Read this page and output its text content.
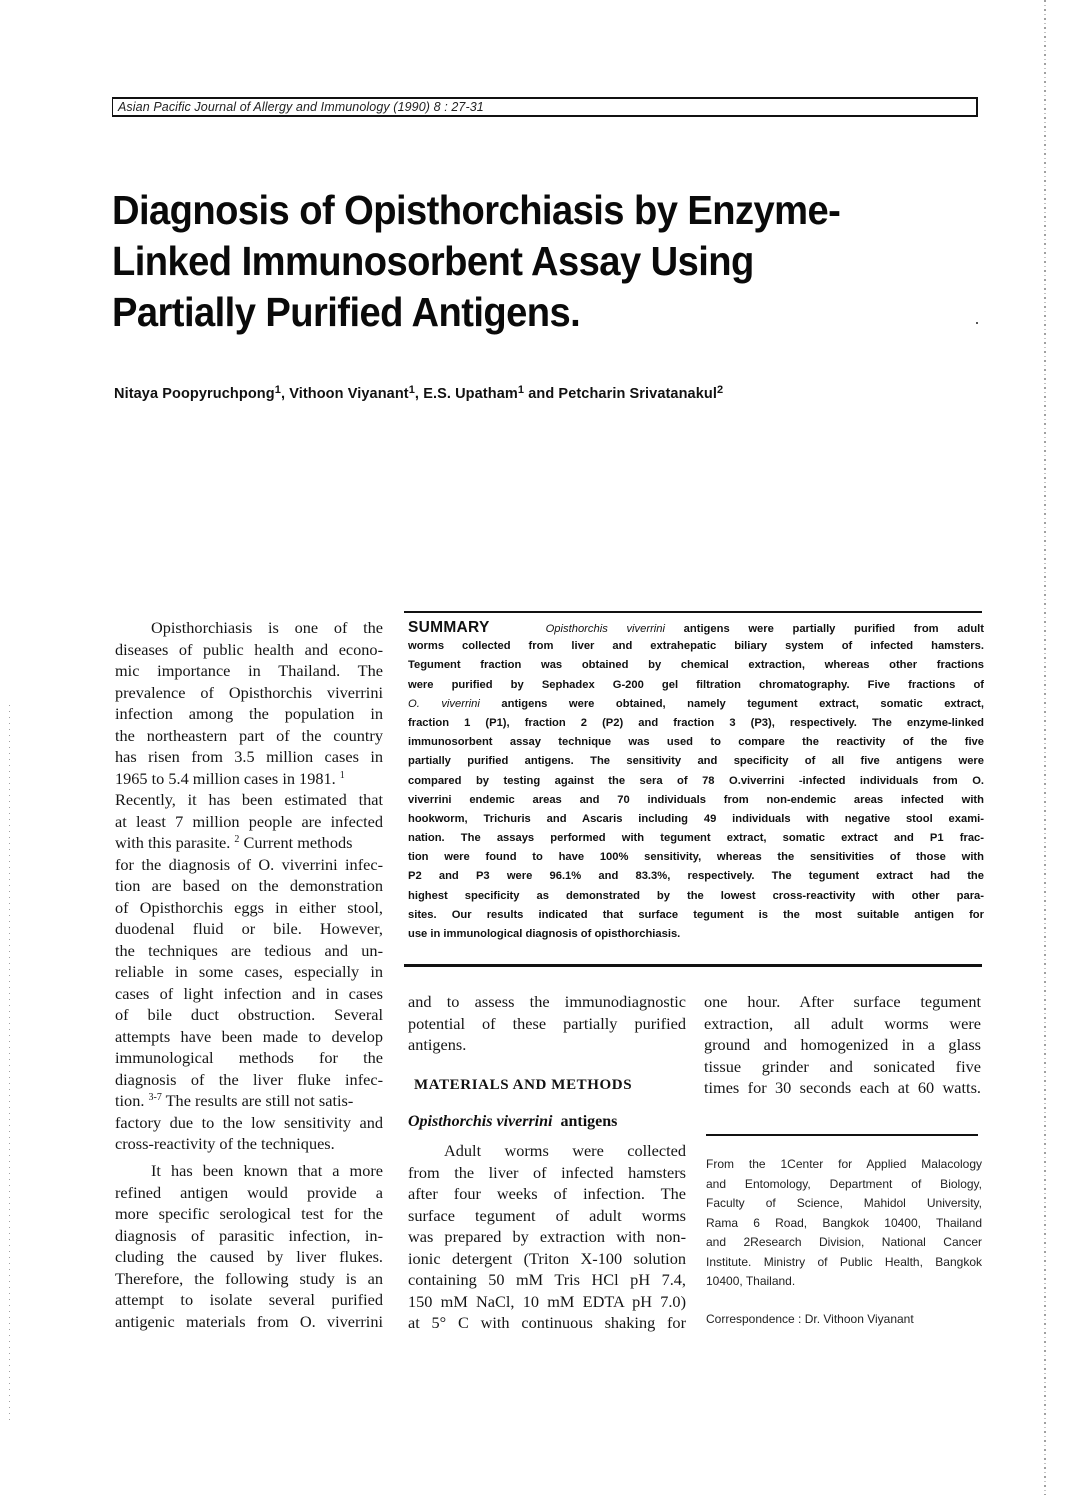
Asian Pacific Journal of Allergy and Immunology (1990) 8 : 27-31
Diagnosis of Opisthorchiasis by Enzyme-
Linked Immunosorbent Assay Using
Partially Purified Antigens.
Nitaya Poopyruchpong$^1$, Vithoon Viyanant$^1$, E.S. Upatham$^1$ and Petcharin Srivatanakul$^2$
SUMMARY	Opisthorchis viverrini antigens were partially purified from adult
worms collected from liver and extrahepatic biliary system of infected hamsters.
Tegument fraction was obtained by chemical extraction, whereas other fractions
were purified by Sephadex G-200 gel filtration chromatography. Five fractions of
O. viverrini antigens were obtained, namely tegument extract, somatic extract,
fraction 1 (P1), fraction 2 (P2) and fraction 3 (P3), respectively. The enzyme-linked
immunosorbent assay technique was used to compare the reactivity of the five
partially purified antigens. The sensitivity and specificity of all five antigens were
compared by testing against the sera of 78 O.viverrini -infected individuals from O.
viverrini endemic areas and 70 individuals from non-endemic areas infected with
hookworm, Trichuris and Ascaris including 49 individuals with negative stool exami-
nation. The assays performed with tegument extract, somatic extract and P1 frac-
tion were found to have 100% sensitivity, whereas the sensitivities of those with
P2 and P3 were 96.1% and 83.3%, respectively. The tegument extract had the
highest specificity as demonstrated by the lowest cross-reactivity with other para-
sites. Our results indicated that surface tegument is the most suitable antigen for
use in immunological diagnosis of opisthorchiasis.
Opisthorchiasis is one of the
diseases of public health and econo-
mic importance in Thailand. The
prevalence of Opisthorchis viverrini
infection among the population in
the northeastern part of the country
has risen from 3.5 million cases in
1965 to 5.4 million cases in 1981. $^1$
Recently, it has been estimated that
at least 7 million people are infected
with this parasite. $^2$ Current methods
for the diagnosis of O. viverrini infec-
tion are based on the demonstration
of Opisthorchis eggs in either stool,
duodenal fluid or bile. However,
the techniques are tedious and un-
reliable in some cases, especially in
cases of light infection and in cases
of bile duct obstruction. Several
attempts have been made to develop
immunological methods for the
diagnosis of the liver fluke infec-
tion. $^{3-7}$ The results are still not satis-
factory due to the low sensitivity and
cross-reactivity of the techniques.
It has been known that a more
refined antigen would provide a
more specific serological test for the
diagnosis of parasitic infection, in-
cluding the caused by liver flukes.
Therefore, the following study is an
attempt to isolate several purified
antigenic materials from O. viverrini
and to assess the immunodiagnostic
potential of these partially purified
antigens.
MATERIALS AND METHODS
Opisthorchis viverrini antigens
Adult worms were collected
from the liver of infected hamsters
after four weeks of infection. The
surface tegument of adult worms
was prepared by extraction with non-
ionic detergent (Triton X-100 solution
containing 50 mM Tris HCl pH 7.4,
150 mM NaCl, 10 mM EDTA pH 7.0)
at 5° C with continuous shaking for
one hour. After surface tegument
extraction, all adult worms were
ground and homogenized in a glass
tissue grinder and sonicated five
times for 30 seconds each at 60 watts.
From the 1Center for Applied Malacology
and Entomology, Department of Biology,
Faculty of Science, Mahidol University,
Rama 6 Road, Bangkok 10400, Thailand
and 2Research Division, National Cancer
Institute. Ministry of Public Health, Bangkok
10400, Thailand.
Correspondence : Dr. Vithoon Viyanant
